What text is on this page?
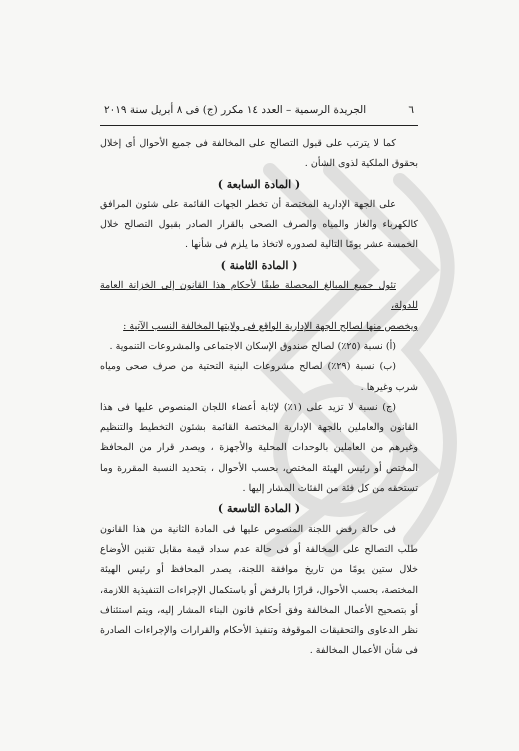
٦
الجريدة الرسمية – العدد ١٤ مكرر (ج) فى ٨ أبريل سنة ٢٠١٩

كما لا يترتب على قبول التصالح على المخالفة فى جميع الأحوال أى إخلال بحقوق الملكية لذوى الشأن .

( المادة السابعة )

على الجهة الإدارية المختصة أن تخطر الجهات القائمة على شئون المرافق كالكهرباء والغاز والمياه والصرف الصحى بالقرار الصادر بقبول التصالح خلال الخمسة عشر يومًا التالية لصدوره لاتخاذ ما يلزم فى شأنها .

( المادة الثامنة )

تئول جميع المبالغ المحصلة طبقًا لأحكام هذا القانون إلى الخزانة العامة للدولة،

ويخصص منها لصالح الجهة الإدارية الواقع فى ولايتها المخالفة النسب الآتية :

(أ) نسبة (٢٥٪) لصالح صندوق الإسكان الاجتماعى والمشروعات التنموية .

(ب) نسبة (٢٩٪) لصالح مشروعات البنية التحتية من صرف صحى ومياه شرب وغيرها .

(ج) نسبة لا تزيد على (١٪) لإثابة أعضاء اللجان المنصوص عليها فى هذا القانون والعاملين بالجهة الإدارية المختصة القائمة بشئون التخطيط والتنظيم وغيرهم من العاملين بالوحدات المحلية والأجهزة ، ويصدر قرار من المحافظ المختص أو رئيس الهيئة المختص، بحسب الأحوال ، بتحديد النسبة المقررة وما تستحقه من كل فئة من الفئات المشار إليها .

( المادة التاسعة )

فى حالة رفض اللجنة المنصوص عليها فى المادة الثانية من هذا القانون طلب التصالح على المخالفة أو فى حالة عدم سداد قيمة مقابل تقنين الأوضاع خلال ستين يومًا من تاريخ موافقة اللجنة، يصدر المحافظ أو رئيس الهيئة المختصة، بحسب الأحوال، قرارًا بالرفض أو باستكمال الإجراءات التنفيذية اللازمة، أو بتصحيح الأعمال المخالفة وفق أحكام قانون البناء المشار إليه، ويتم استئناف نظر الدعاوى والتحقيقات الموقوفة وتنفيذ الأحكام والقرارات والإجراءات الصادرة فى شأن الأعمال المخالفة .
